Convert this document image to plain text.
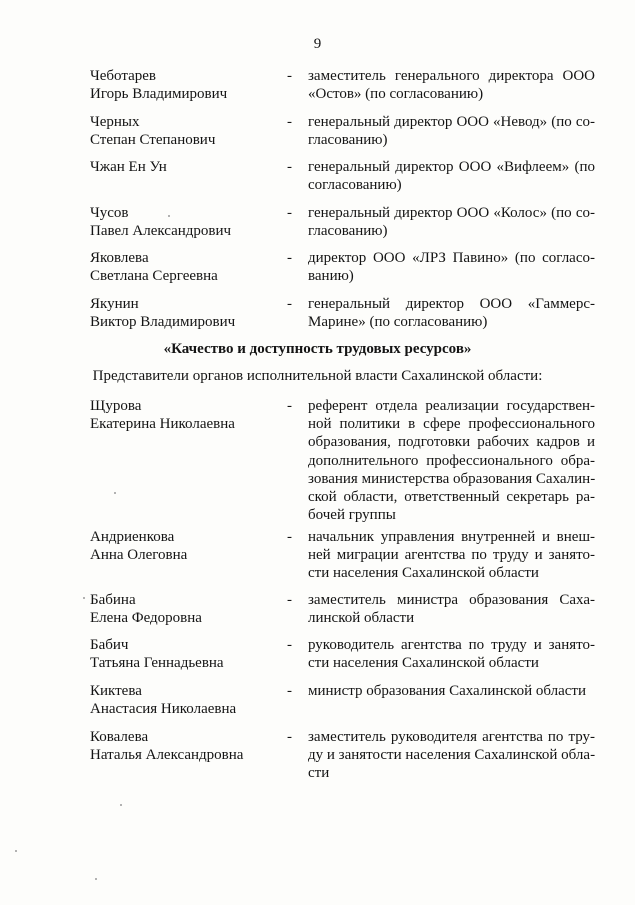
9
Чеботарев
Игорь Владимирович
- заместитель генерального директора ООО
«Остов» (по согласованию)
Черных
Степан Степанович
- генеральный директор ООО «Невод» (по со-
гласованию)
Чжан Ен Ун	- генеральный директор ООО «Вифлеем» (по
согласованию)
Чусов
Павел Александрович
- генеральный директор ООО «Колос» (по со-
гласованию)
Яковлева
Светлана Сергеевна
- директор ООО «ЛРЗ Павино» (по согласо-
ванию)
Якунин
Виктор Владимирович
- генеральный директор ООО «Гаммерс-
Марине» (по согласованию)
«Качество и доступность трудовых ресурсов»
Представители органов исполнительной власти Сахалинской области:
Щурова
Екатерина Николаевна
- референт отдела реализации государствен-
ной политики в сфере профессионального
образования, подготовки рабочих кадров и
дополнительного профессионального обра-
зования министерства образования Сахалин-
ской области, ответственный секретарь ра-
бочей группы
Андриенкова
Анна Олеговна
- начальник управления внутренней и внеш-
ней миграции агентства по труду и занято-
сти населения Сахалинской области
Бабина
Елена Федоровна
- заместитель министра образования Саха-
линской области
Бабич
Татьяна Геннадьевна
- руководитель агентства по труду и занято-
сти населения Сахалинской области
Киктева
Анастасия Николаевна
- министр образования Сахалинской области
Ковалева
Наталья Александровна
- заместитель руководителя агентства по тру-
ду и занятости населения Сахалинской обла-
сти
